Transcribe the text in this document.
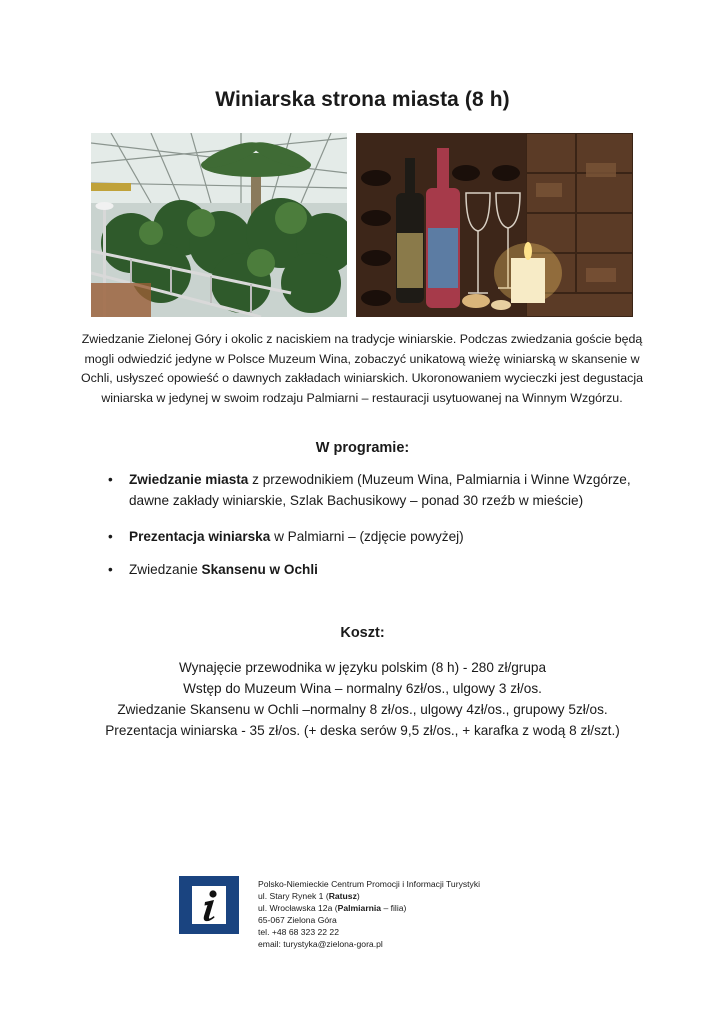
Winiarska strona miasta (8 h)
Zwiedzanie Zielonej Góry i okolic z naciskiem na tradycje winiarskie. Podczas zwiedzania goście będą mogli odwiedzić jedyne w Polsce Muzeum Wina, zobaczyć unikatową wieżę winiarską w skansenie w Ochli, usłyszeć opowieść o dawnych zakładach winiarskich. Ukoronowaniem wycieczki jest degustacja winiarska w jedynej w swoim rodzaju Palmiarni – restauracji usytuowanej na Winnym Wzgórzu.
W programie:
• Zwiedzanie miasta z przewodnikiem (Muzeum Wina, Palmiarnia i Winne Wzgórze, dawne zakłady winiarskie, Szlak Bachusikowy – ponad 30 rzeźb w mieście)
• Prezentacja winiarska w Palmiarni – (zdjęcie powyżej)
• Zwiedzanie Skansenu w Ochli
Koszt:
Wynajęcie przewodnika w języku polskim (8 h) - 280 zł/grupa
Wstęp do Muzeum Wina – normalny 6zł/os., ulgowy 3 zł/os.
Zwiedzanie Skansenu w Ochli –normalny 8 zł/os., ulgowy 4zł/os., grupowy 5zł/os.
Prezentacja winiarska - 35 zł/os. (+ deska serów 9,5 zł/os., + karafka z wodą 8 zł/szt.)
Polsko-Niemieckie Centrum Promocji i Informacji Turystyki
ul. Stary Rynek 1 (Ratusz)
ul. Wrocławska 12a (Palmiarnia – filia)
65-067 Zielona Góra
tel. +48 68 323 22 22
email: turystyka@zielona-gora.pl
